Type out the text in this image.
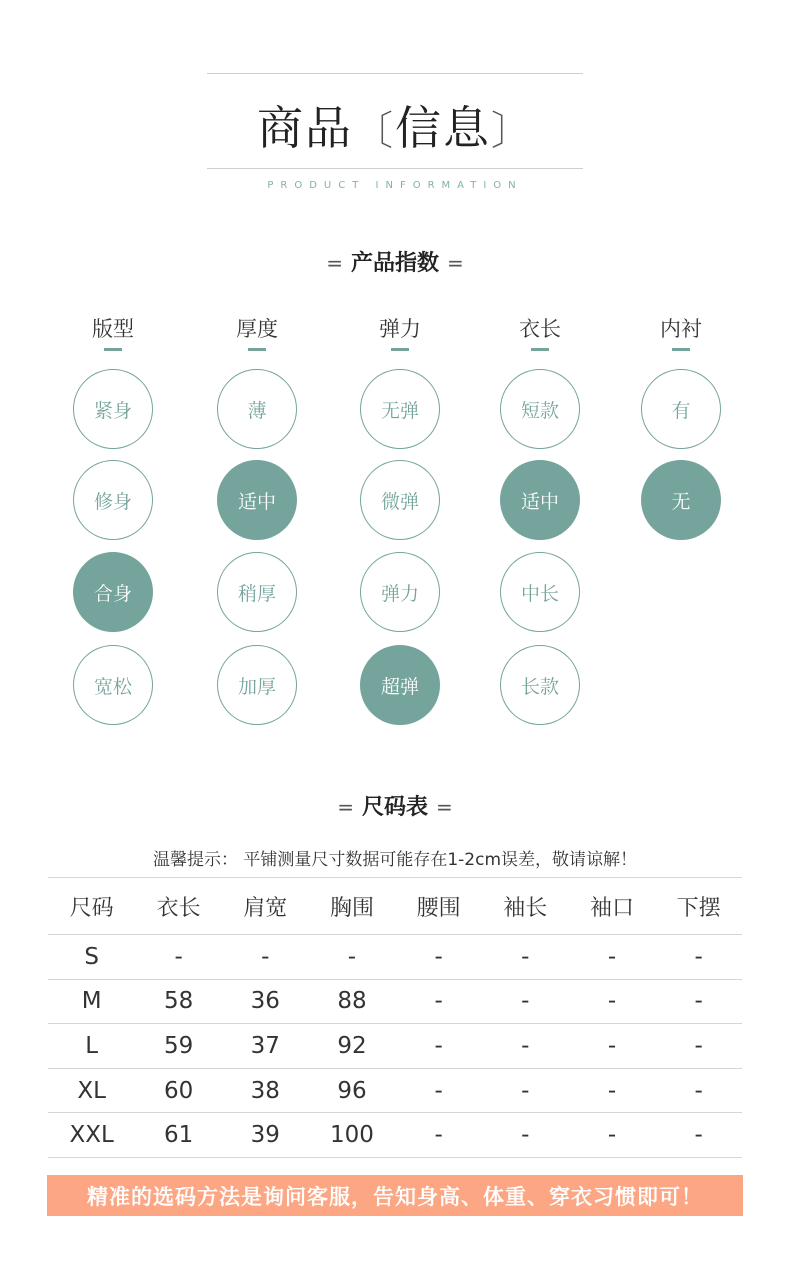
商品〔信息〕
PRODUCT INFORMATION
= 产品指数 =
版型
紧身
修身
合身
宽松
厚度
薄
适中
稍厚
加厚
弹力
无弹
微弹
弹力
超弹
衣长
短款
适中
中长
长款
内衬
有
无
= 尺码表 =
温馨提示： 平铺测量尺寸数据可能存在1-2cm误差，敬请谅解！
尺码	衣长	肩宽	胸围	腰围	袖长	袖口	下摆
S	-	-	-	-	-	-	-
M	58	36	88	-	-	-	-
L	59	37	92	-	-	-	-
XL	60	38	96	-	-	-	-
XXL	61	39	100	-	-	-	-
精准的选码方法是询问客服，告知身高、体重、穿衣习惯即可！
